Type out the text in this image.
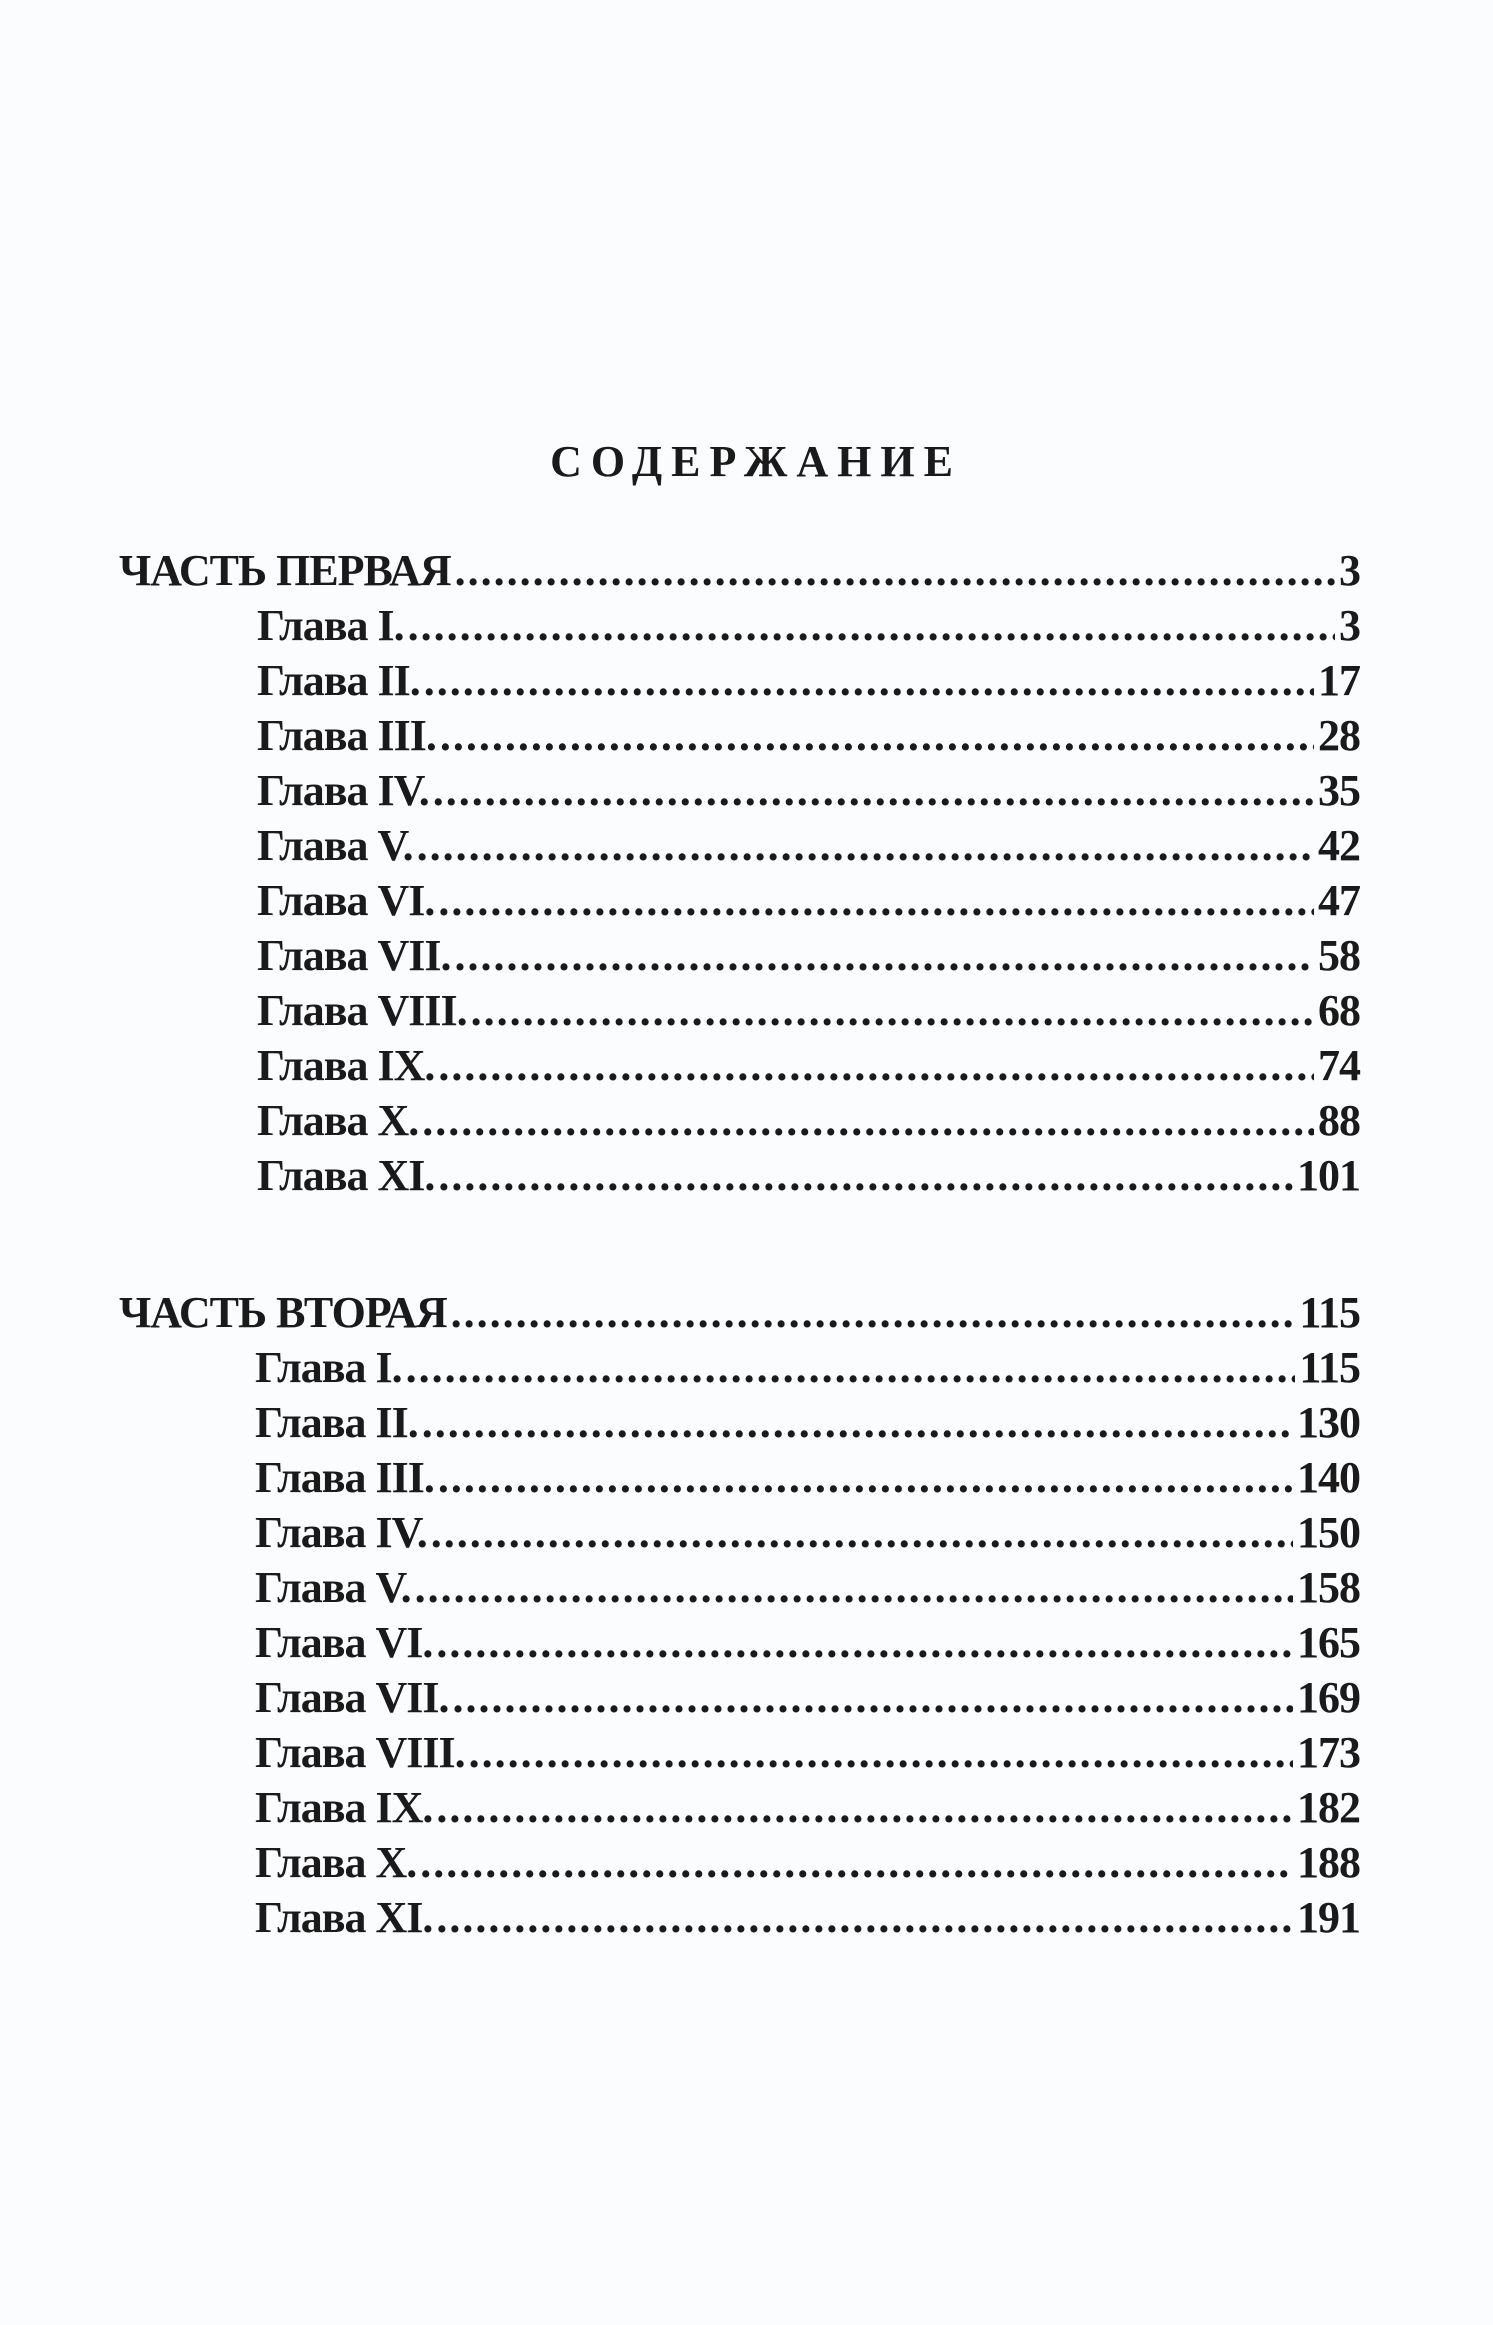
СОДЕРЖАНИЕ
ЧАСТЬ ПЕРВАЯ .....	3
Глава I. .....	3
Глава II. .....	17
Глава III. .....	28
Глава IV. .....	35
Глава V. .....	42
Глава VI. .....	47
Глава VII. .....	58
Глава VIII. .....	68
Глава IX. .....	74
Глава X. .....	88
Глава XI. .....	101
ЧАСТЬ ВТОРАЯ .....	115
Глава I. .....	115
Глава II. .....	130
Глава III. .....	140
Глава IV. .....	150
Глава V. .....	158
Глава VI. .....	165
Глава VII. .....	169
Глава VIII. .....	173
Глава IX. .....	182
Глава X. .....	188
Глава XI. .....	191
